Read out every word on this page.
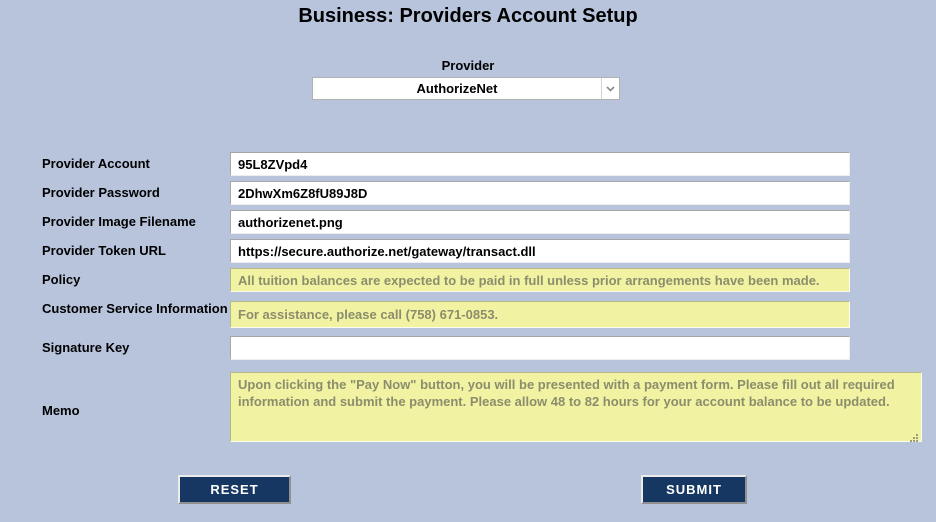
Business: Providers Account Setup
Provider
AuthorizeNet
Provider Account
95L8ZVpd4
Provider Password
2DhwXm6Z8fU89J8D
Provider Image Filename
authorizenet.png
Provider Token URL
https://secure.authorize.net/gateway/transact.dll
Policy
All tuition balances are expected to be paid in full unless prior arrangements have been made.
Customer Service Information
For assistance, please call (758) 671-0853.
Signature Key
Memo
Upon clicking the "Pay Now" button, you will be presented with a payment form. Please fill out all required information and submit the payment. Please allow 48 to 82 hours for your account balance to be updated.
RESET	SUBMIT
